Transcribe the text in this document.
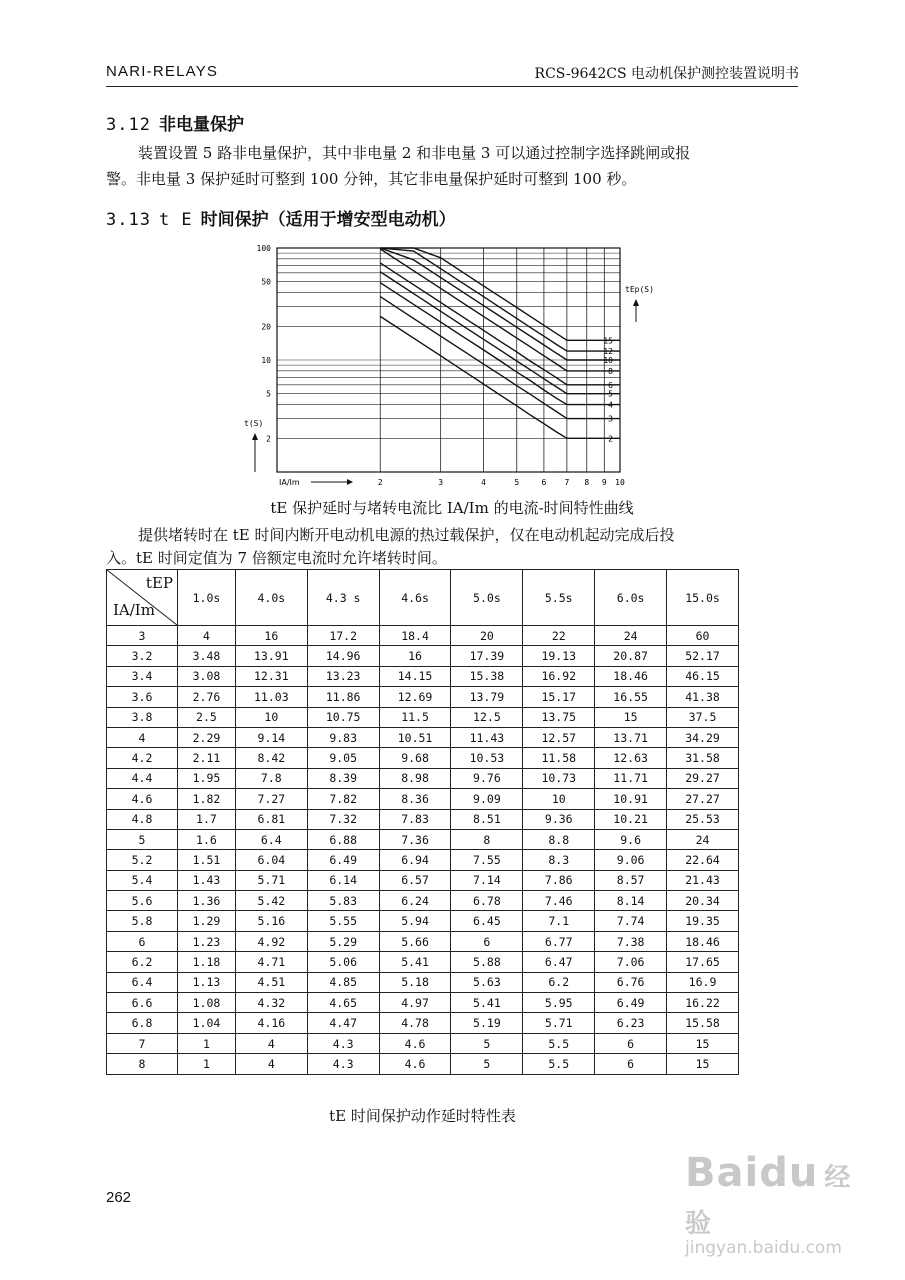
NARI-RELAYS	RCS-9642CS 电动机保护测控装置说明书
3.12 非电量保护
装置设置 5 路非电量保护，其中非电量 2 和非电量 3 可以通过控制字选择跳闸或报
警。非电量 3 保护延时可整到 100 分钟，其它非电量保护延时可整到 100 秒。
3.13 t E 时间保护（适用于增安型电动机）
100
50
20
10
5
2
2	3	4	5	6 7 8 9 10
15
12
10
8
6
5
4
3
2
IA/Im
t(S)
tEp(S)
tE 保护延时与堵转电流比 IA/Im 的电流-时间特性曲线
提供堵转时在 tE 时间内断开电动机电源的热过载保护，仅在电动机起动完成后投
入。tE 时间定值为 7 倍额定电流时允许堵转时间。
tEP
IA/Im	1.0s	4.0s	4.3 s	4.6s	5.0s	5.5s	6.0s	15.0s
3	4	16	17.2	18.4	20	22	24	60
3.2	3.48	13.91	14.96	16	17.39	19.13	20.87	52.17
3.4	3.08	12.31	13.23	14.15	15.38	16.92	18.46	46.15
3.6	2.76	11.03	11.86	12.69	13.79	15.17	16.55	41.38
3.8	2.5	10	10.75	11.5	12.5	13.75	15	37.5
4	2.29	9.14	9.83	10.51	11.43	12.57	13.71	34.29
4.2	2.11	8.42	9.05	9.68	10.53	11.58	12.63	31.58
4.4	1.95	7.8	8.39	8.98	9.76	10.73	11.71	29.27
4.6	1.82	7.27	7.82	8.36	9.09	10	10.91	27.27
4.8	1.7	6.81	7.32	7.83	8.51	9.36	10.21	25.53
5	1.6	6.4	6.88	7.36	8	8.8	9.6	24
5.2	1.51	6.04	6.49	6.94	7.55	8.3	9.06	22.64
5.4	1.43	5.71	6.14	6.57	7.14	7.86	8.57	21.43
5.6	1.36	5.42	5.83	6.24	6.78	7.46	8.14	20.34
5.8	1.29	5.16	5.55	5.94	6.45	7.1	7.74	19.35
6	1.23	4.92	5.29	5.66	6	6.77	7.38	18.46
6.2	1.18	4.71	5.06	5.41	5.88	6.47	7.06	17.65
6.4	1.13	4.51	4.85	5.18	5.63	6.2	6.76	16.9
6.6	1.08	4.32	4.65	4.97	5.41	5.95	6.49	16.22
6.8	1.04	4.16	4.47	4.78	5.19	5.71	6.23	15.58
7	1	4	4.3	4.6	5	5.5	6	15
8	1	4	4.3	4.6	5	5.5	6	15
tE 时间保护动作延时特性表
262
Baidu 经验
jingyan.baidu.com
